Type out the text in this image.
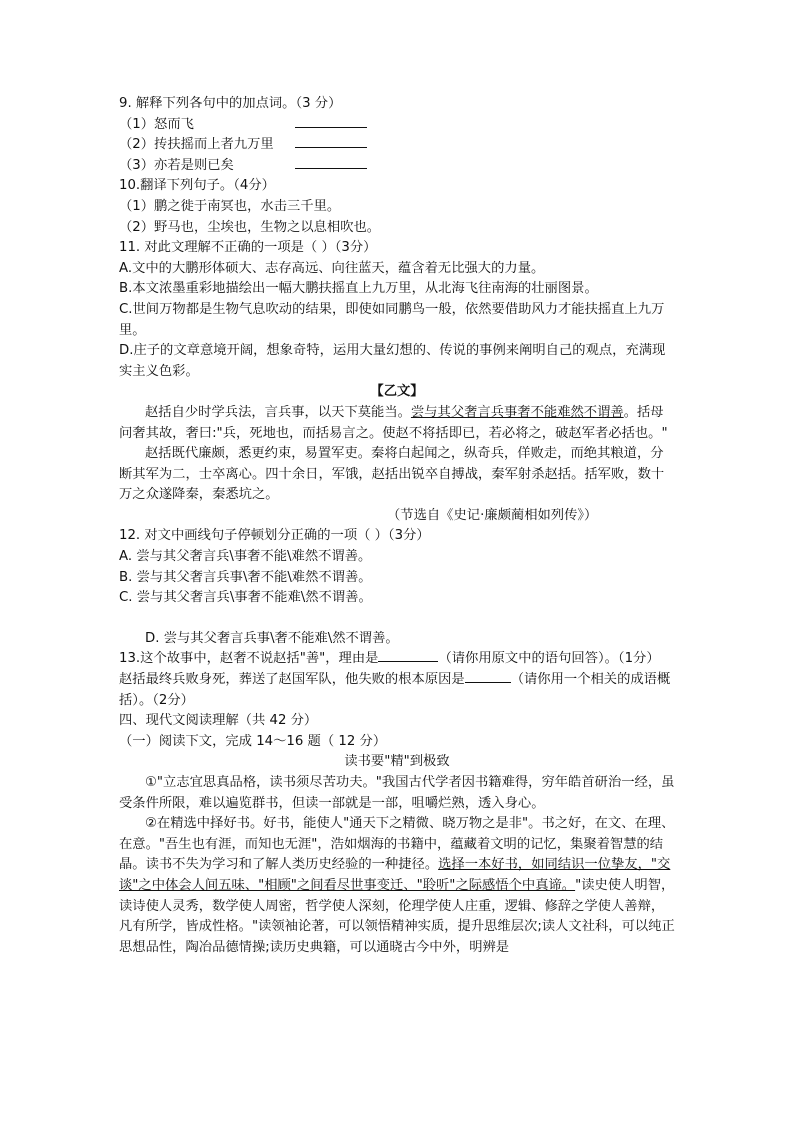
9. 解释下列各句中的加点词。（3 分）

（1）怒而飞

（2）抟扶摇而上者九万里

（3）亦若是则已矣

10.翻译下列句子。（4分）

（1）鹏之徙于南冥也，水击三千里。

（2）野马也，尘埃也，生物之以息相吹也。

11. 对此文理解不正确的一项是（ ）（3分）

A.文中的大鹏形体硕大、志存高远、向往蓝天，蕴含着无比强大的力量。

B.本文浓墨重彩地描绘出一幅大鹏扶摇直上九万里，从北海飞往南海的壮丽图景。

C.世间万物都是生物气息吹动的结果，即使如同鹏鸟一般，依然要借助风力才能扶摇直上九万里。

D.庄子的文章意境开阔，想象奇特，运用大量幻想的、传说的事例来阐明自己的观点，充满现实主义色彩。

【乙文】

赵括自少时学兵法，言兵事，以天下莫能当。尝与其父奢言兵事奢不能难然不谓善。括母问奢其故，奢曰:"兵，死地也，而括易言之。使赵不将括即已，若必将之，破赵军者必括也。"

赵括既代廉颇，悉更约束，易置军吏。秦将白起闻之，纵奇兵，佯败走，而绝其粮道，分断其军为二，士卒离心。四十余日，军饿，赵括出锐卒自搏战，秦军射杀赵括。括军败，数十万之众遂降秦，秦悉坑之。

（节选自《史记·廉颇蔺相如列传》）

12. 对文中画线句子停顿划分正确的一项（ ）（3分）

A. 尝与其父奢言兵\事奢不能\难然不谓善。

B. 尝与其父奢言兵事\奢不能\难然不谓善。

C. 尝与其父奢言兵\事奢不能难\然不谓善。

D. 尝与其父奢言兵事\奢不能难\然不谓善。

13.这个故事中，赵奢不说赵括"善"，理由是	（请你用原文中的语句回答）。（1分）

赵括最终兵败身死，葬送了赵国军队，他失败的根本原因是	（请你用一个相关的成语概括）。（2分）

四、现代文阅读理解（共 42 分）

（一）阅读下文，完成 14～16 题（ 12 分）

读书要"精"到极致

①"立志宜思真品格，读书须尽苦功夫。"我国古代学者因书籍难得，穷年皓首研治一经，虽受条件所限，难以遍览群书，但读一部就是一部，咀嚼烂熟，透入身心。

②在精选中择好书。好书，能使人"通天下之精微、晓万物之是非"。书之好，在文、在理、在意。"吾生也有涯，而知也无涯"，浩如烟海的书籍中，蕴藏着文明的记忆，集聚着智慧的结晶。读书不失为学习和了解人类历史经验的一种捷径。选择一本好书，如同结识一位挚友，"交谈"之中体会人间五味、"相顾"之间看尽世事变迁、"聆听"之际感悟个中真谛。"读史使人明智，读诗使人灵秀，数学使人周密，哲学使人深刻，伦理学使人庄重，逻辑、修辞之学使人善辩，凡有所学，皆成性格。"读领袖论著，可以领悟精神实质，提升思维层次;读人文社科，可以纯正思想品性，陶冶品德情操;读历史典籍，可以通晓古今中外，明辨是
